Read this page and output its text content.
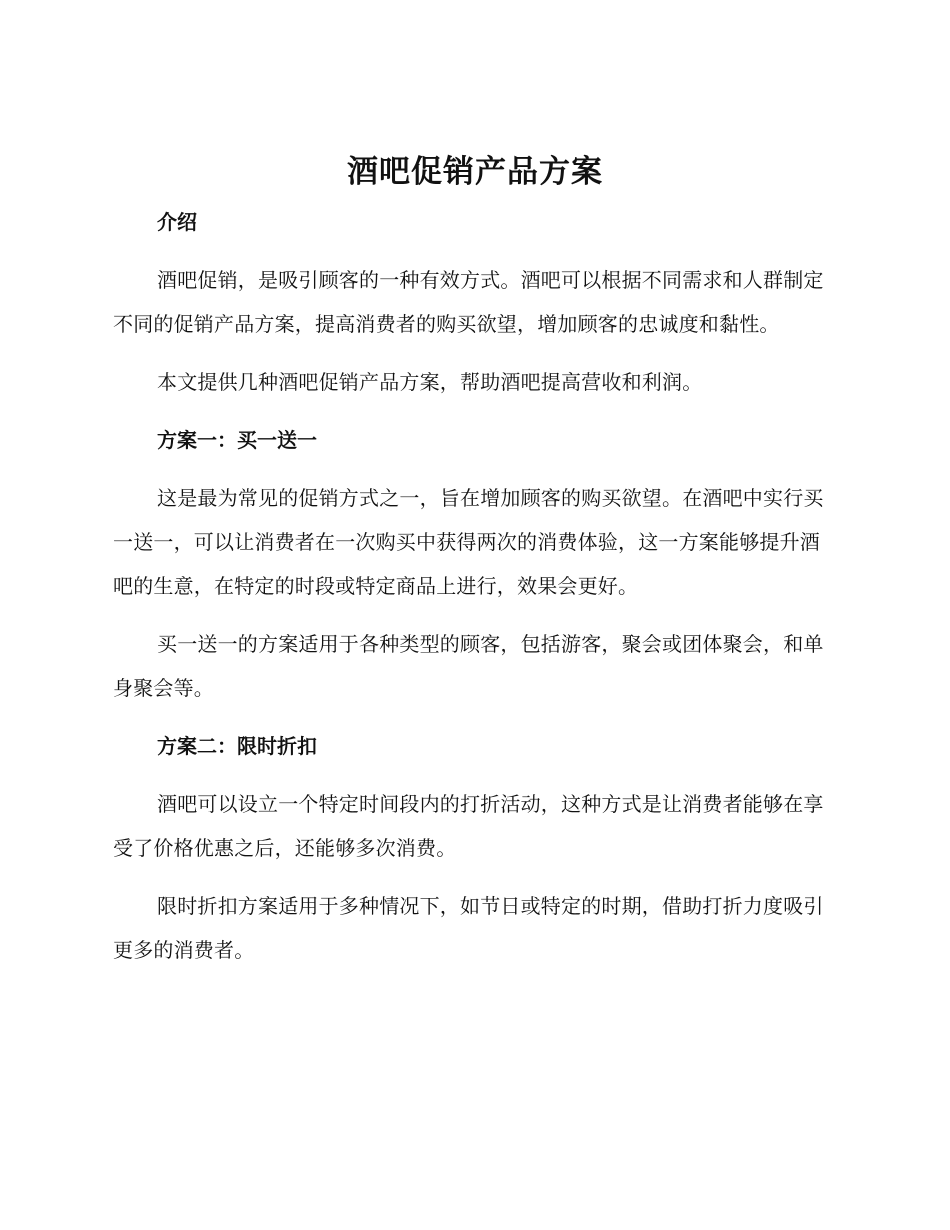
酒吧促销产品方案

介绍

酒吧促销，是吸引顾客的一种有效方式。酒吧可以根据不同需求和人群制定不同的促销产品方案，提高消费者的购买欲望，增加顾客的忠诚度和黏性。

本文提供几种酒吧促销产品方案，帮助酒吧提高营收和利润。

方案一：买一送一

这是最为常见的促销方式之一，旨在增加顾客的购买欲望。在酒吧中实行买一送一，可以让消费者在一次购买中获得两次的消费体验，这一方案能够提升酒吧的生意，在特定的时段或特定商品上进行，效果会更好。

买一送一的方案适用于各种类型的顾客，包括游客，聚会或团体聚会，和单身聚会等。

方案二：限时折扣

酒吧可以设立一个特定时间段内的打折活动，这种方式是让消费者能够在享受了价格优惠之后，还能够多次消费。

限时折扣方案适用于多种情况下，如节日或特定的时期，借助打折力度吸引更多的消费者。
